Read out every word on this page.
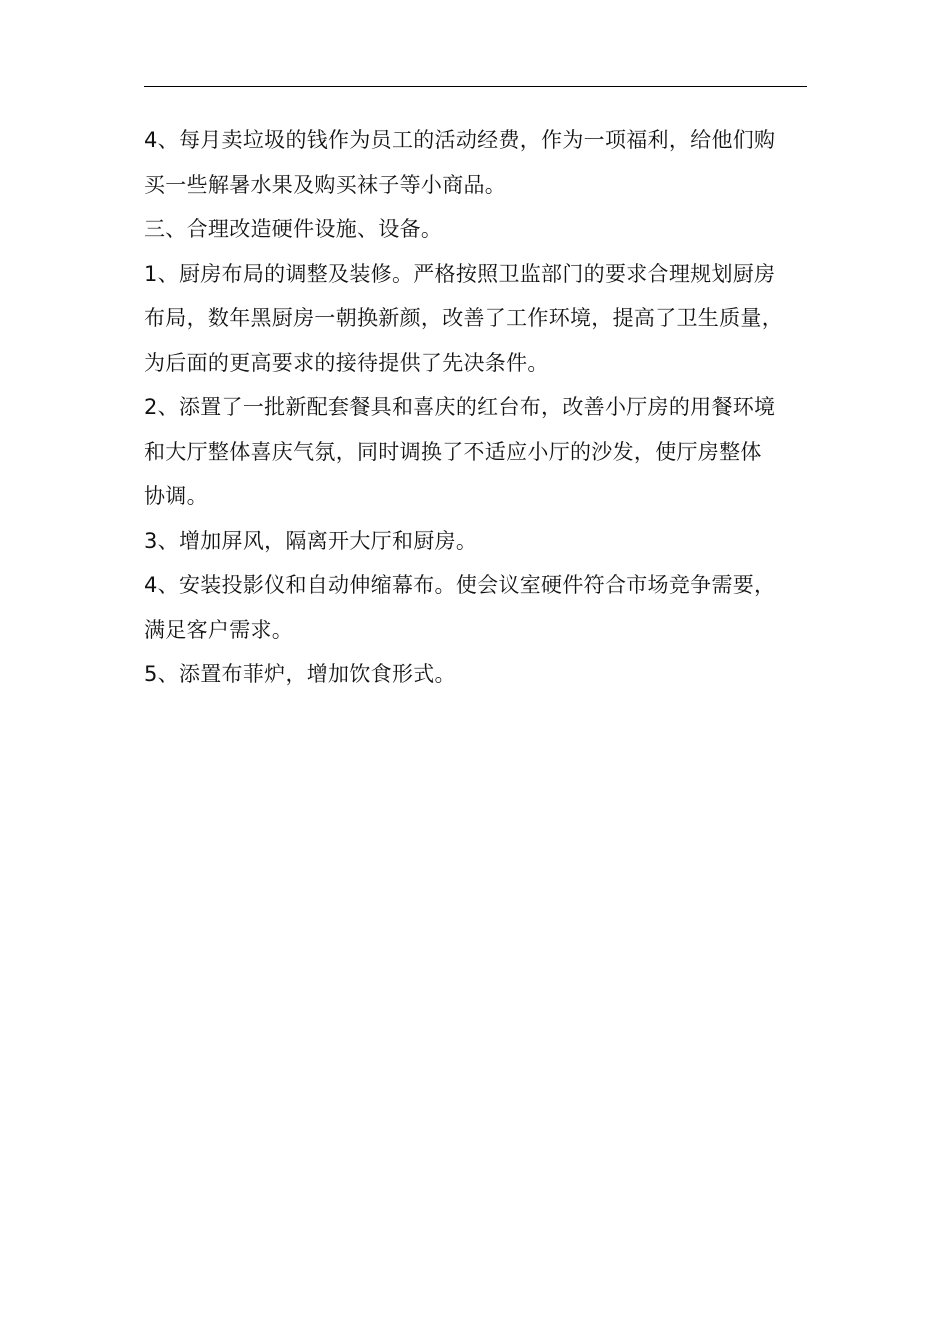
4、每月卖垃圾的钱作为员工的活动经费，作为一项福利，给他们购
买一些解暑水果及购买袜子等小商品。

三、合理改造硬件设施、设备。

1、厨房布局的调整及装修。严格按照卫监部门的要求合理规划厨房
布局，数年黑厨房一朝换新颜，改善了工作环境，提高了卫生质量，
为后面的更高要求的接待提供了先决条件。

2、添置了一批新配套餐具和喜庆的红台布，改善小厅房的用餐环境
和大厅整体喜庆气氛，同时调换了不适应小厅的沙发，使厅房整体
协调。

3、增加屏风，隔离开大厅和厨房。

4、安装投影仪和自动伸缩幕布。使会议室硬件符合市场竞争需要，
满足客户需求。

5、添置布菲炉，增加饮食形式。
